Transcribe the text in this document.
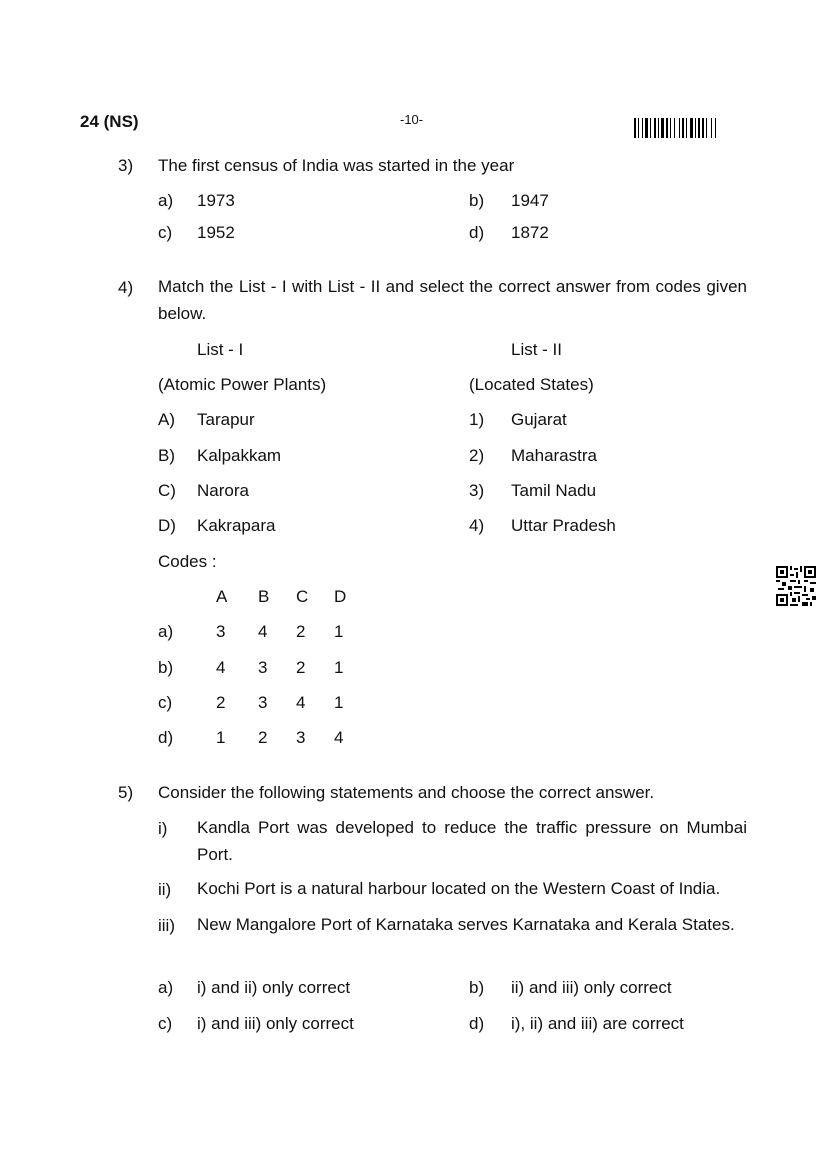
24 (NS)	-10-
3) The first census of India was started in the year
a) 1973	b) 1947
c) 1952	d) 1872
4) Match the List - I with List - II and select the correct answer from codes given below.
List - I	List - II
(Atomic Power Plants)	(Located States)
A) Tarapur	1) Gujarat
B) Kalpakkam	2) Maharastra
C) Narora	3) Tamil Nadu
D) Kakrapara	4) Uttar Pradesh
Codes :
A B C D
a)	3 4 2 1
b)	4 3 2 1
c)	2 3 4 1
d)	1 2 3 4
5) Consider the following statements and choose the correct answer.
i) Kandla Port was developed to reduce the traffic pressure on Mumbai Port.
ii) Kochi Port is a natural harbour located on the Western Coast of India.
iii) New Mangalore Port of Karnataka serves Karnataka and Kerala States.
a) i) and ii) only correct	b) ii) and iii) only correct
c) i) and iii) only correct	d) i), ii) and iii) are correct
